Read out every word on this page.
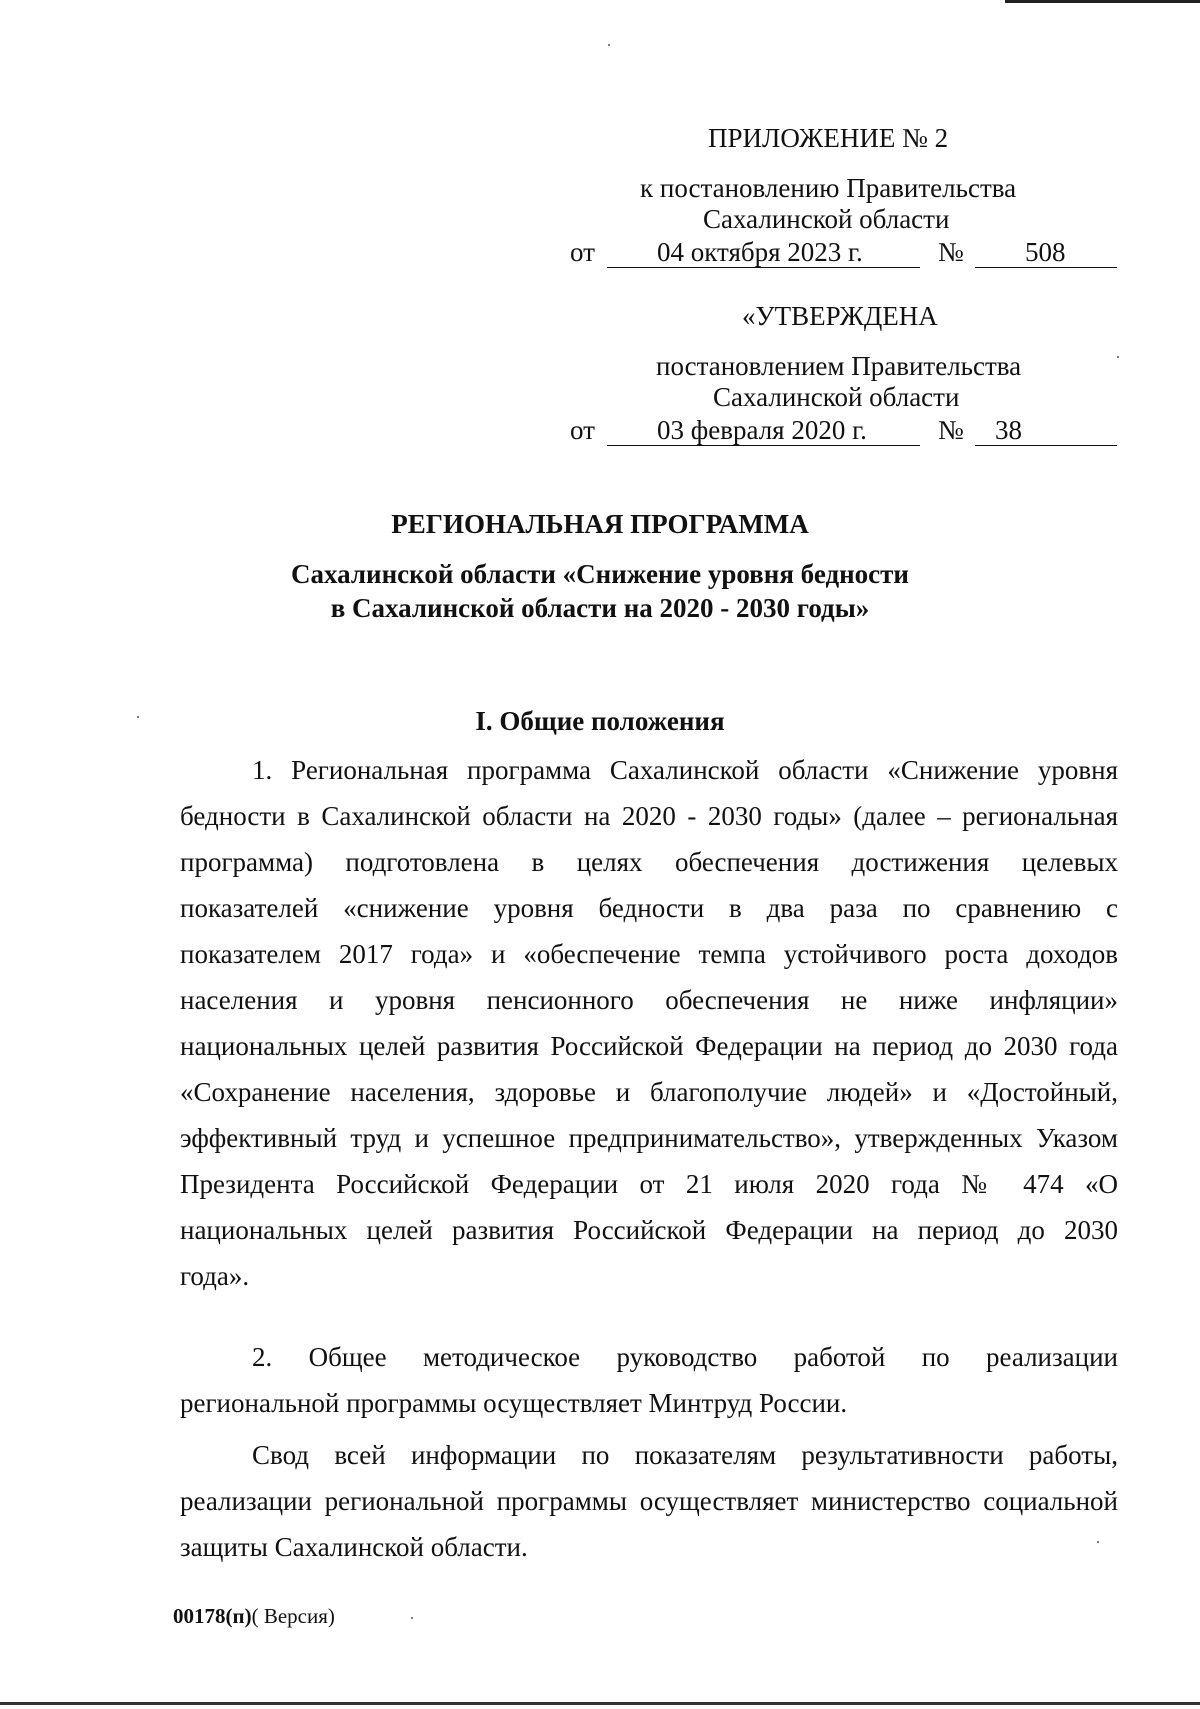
ПРИЛОЖЕНИЕ № 2
к постановлению Правительства
Сахалинской области
от 04 октября 2023 г.	№ 508
«УТВЕРЖДЕНА
постановлением Правительства
Сахалинской области
от 03 февраля 2020 г.	№ 38
РЕГИОНАЛЬНАЯ ПРОГРАММА
Сахалинской области «Снижение уровня бедности
в Сахалинской области на 2020 - 2030 годы»
I. Общие положения
1. Региональная программа Сахалинской области «Снижение уровня
бедности в Сахалинской области на 2020 - 2030 годы» (далее – региональная
программа) подготовлена в целях обеспечения достижения целевых
показателей «снижение уровня бедности в два раза по сравнению с
показателем 2017 года» и «обеспечение темпа устойчивого роста доходов
населения и уровня пенсионного обеспечения не ниже инфляции»
национальных целей развития Российской Федерации на период до 2030 года
«Сохранение населения, здоровье и благополучие людей» и «Достойный,
эффективный труд и успешное предпринимательство», утвержденных Указом
Президента Российской Федерации от 21 июля 2020 года № 474 «О
национальных целей развития Российской Федерации на период до 2030
года».
2. Общее методическое руководство работой по реализации
региональной программы осуществляет Минтруд России.
Свод всей информации по показателям результативности работы,
реализации региональной программы осуществляет министерство социальной
защиты Сахалинской области.
00178(п)( Версия)
